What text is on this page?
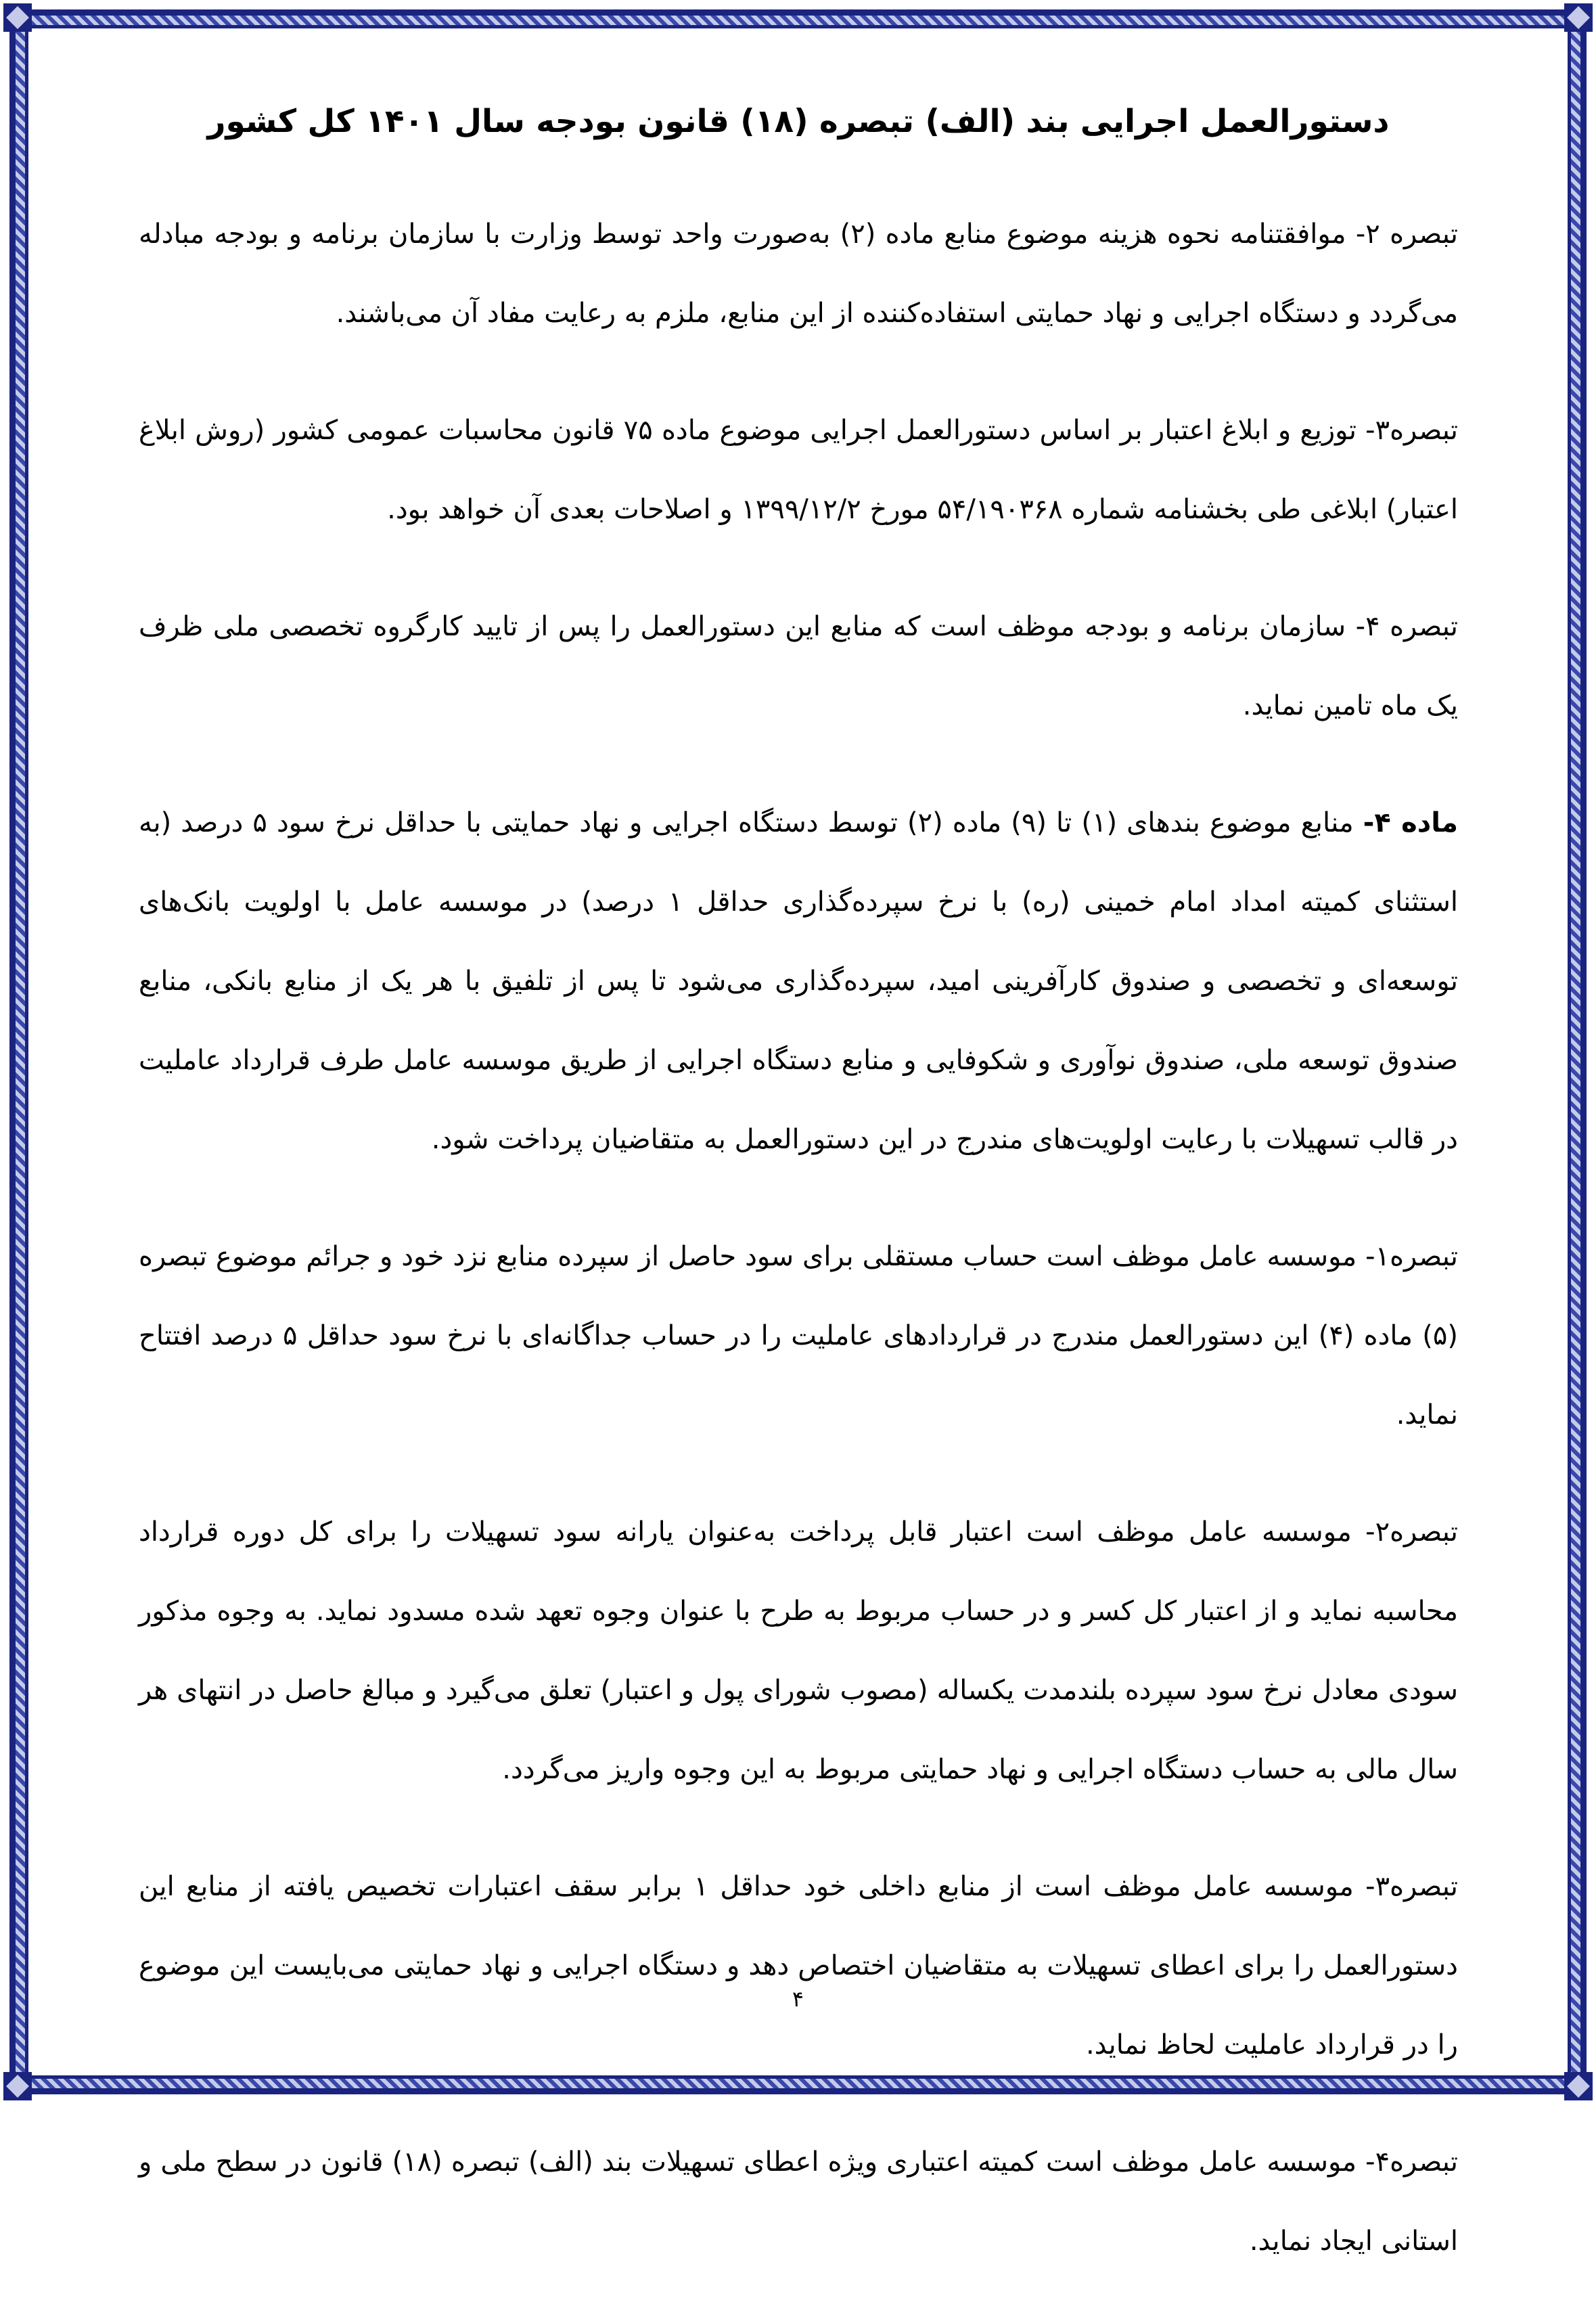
دستورالعمل اجرایی بند (الف) تبصره (۱۸) قانون بودجه سال ۱۴۰۱ کل کشور

تبصره ۲- موافقتنامه نحوه هزینه موضوع منابع ماده (۲) به‌صورت واحد توسط وزارت با سازمان برنامه و بودجه مبادله می‌گردد و دستگاه اجرایی و نهاد حمایتی استفاده‌کننده از این منابع، ملزم به رعایت مفاد آن می‌باشند.

تبصره۳- توزیع و ابلاغ اعتبار بر اساس دستورالعمل اجرایی موضوع ماده ۷۵ قانون محاسبات عمومی کشور (روش ابلاغ اعتبار) ابلاغی طی بخشنامه شماره ۵۴/۱۹۰۳۶۸ مورخ ۱۳۹۹/۱۲/۲ و اصلاحات بعدی آن خواهد بود.

تبصره ۴- سازمان برنامه و بودجه موظف است که منابع این دستورالعمل را پس از تایید کارگروه تخصصی ملی ظرف یک ماه تامین نماید.

ماده ۴- منابع موضوع بندهای (۱) تا (۹) ماده (۲) توسط دستگاه اجرایی و نهاد حمایتی با حداقل نرخ سود ۵ درصد (به استثنای کمیته امداد امام خمینی (ره) با نرخ سپرده‌گذاری حداقل ۱ درصد) در موسسه عامل با اولویت بانک‌های توسعه‌ای و تخصصی و صندوق کارآفرینی امید، سپرده‌گذاری می‌شود تا پس از تلفیق با هر یک از منابع بانکی، منابع صندوق توسعه ملی، صندوق نوآوری و شکوفایی و منابع دستگاه اجرایی از طریق موسسه عامل طرف قرارداد عاملیت در قالب تسهیلات با رعایت اولویت‌های مندرج در این دستورالعمل به متقاضیان پرداخت شود.

تبصره۱- موسسه عامل موظف است حساب مستقلی برای سود حاصل از سپرده منابع نزد خود و جرائم موضوع تبصره (۵) ماده (۴) این دستورالعمل مندرج در قراردادهای عاملیت را در حساب جداگانه‌ای با نرخ سود حداقل ۵ درصد افتتاح نماید.

تبصره۲- موسسه عامل موظف است اعتبار قابل پرداخت به‌عنوان یارانه سود تسهیلات را برای کل دوره قرارداد محاسبه نماید و از اعتبار کل کسر و در حساب مربوط به طرح با عنوان وجوه تعهد شده مسدود نماید. به وجوه مذکور سودی معادل نرخ سود سپرده بلندمدت یکساله (مصوب شورای پول و اعتبار) تعلق می‌گیرد و مبالغ حاصل در انتهای هر سال مالی به حساب دستگاه اجرایی و نهاد حمایتی مربوط به این وجوه واریز می‌گردد.

تبصره۳- موسسه عامل موظف است از منابع داخلی خود حداقل ۱ برابر سقف اعتبارات تخصیص یافته از منابع این دستورالعمل را برای اعطای تسهیلات به متقاضیان اختصاص دهد و دستگاه اجرایی و نهاد حمایتی می‌بایست این موضوع را در قرارداد عاملیت لحاظ نماید.

تبصره۴- موسسه عامل موظف است کمیته اعتباری ویژه اعطای تسهیلات بند (الف) تبصره (۱۸) قانون در سطح ملی و استانی ایجاد نماید.

۴
